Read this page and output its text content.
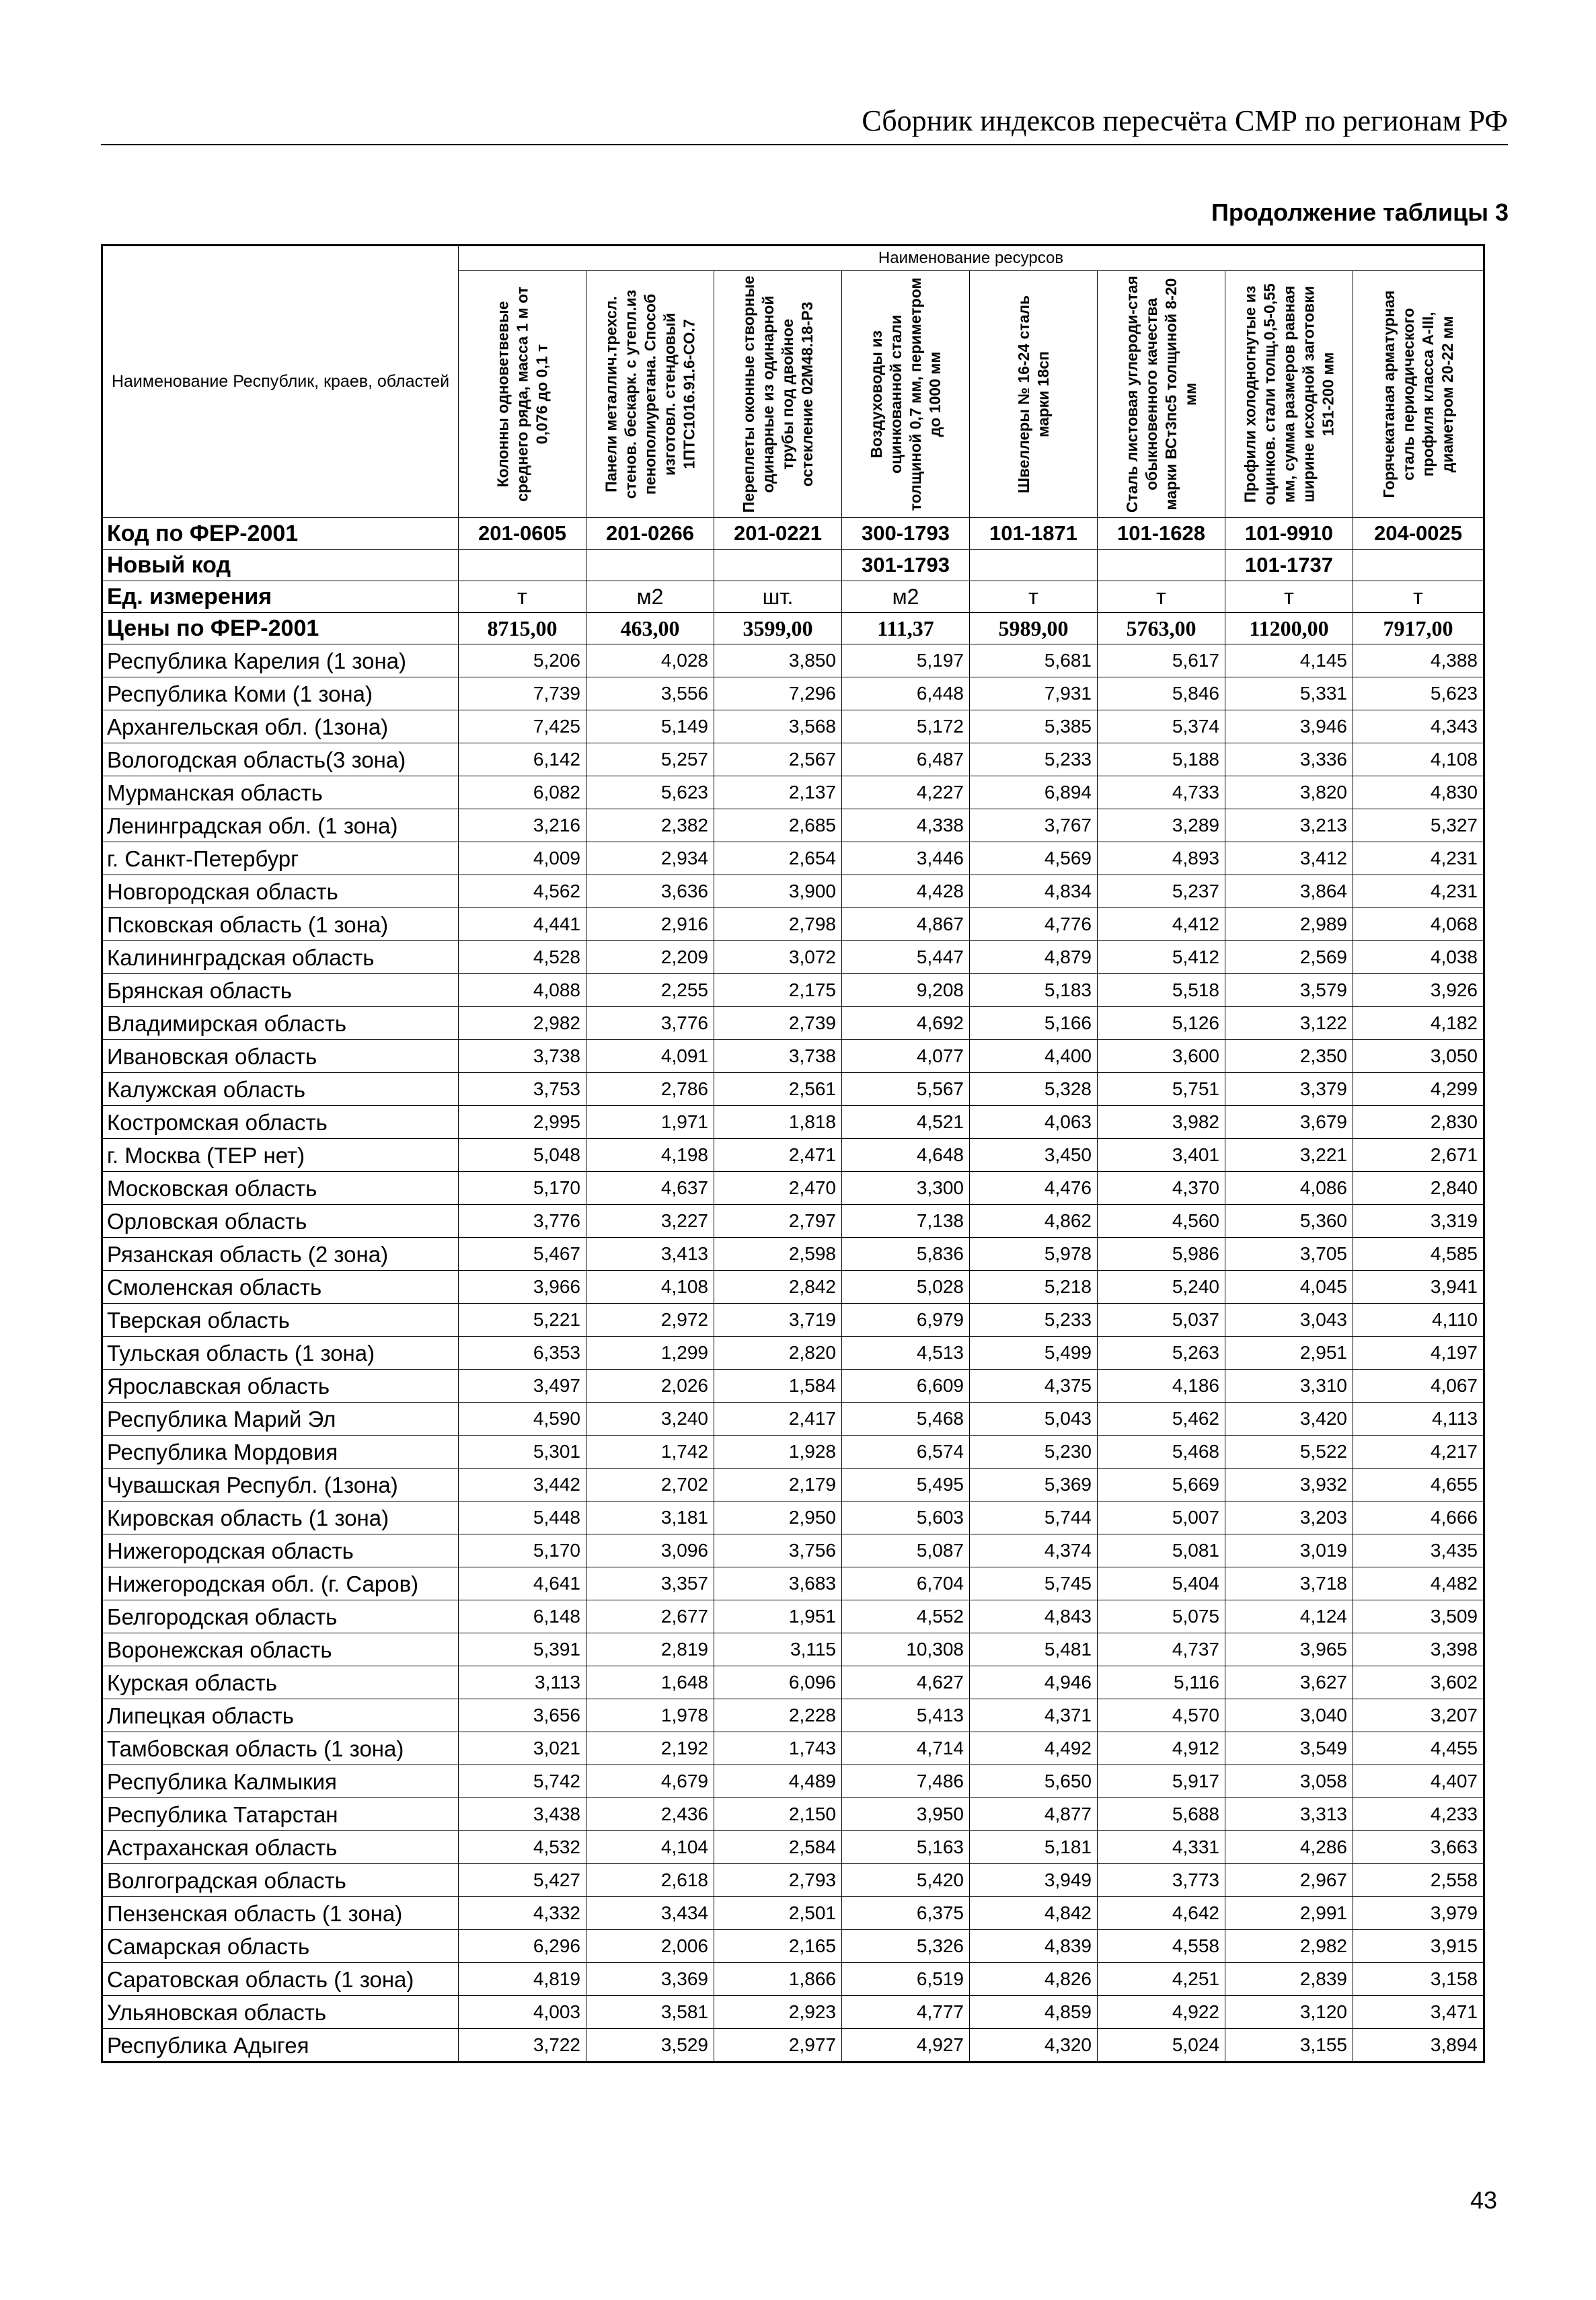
Сборник индексов пересчёта СМР по регионам РФ
Продолжение таблицы 3
Наименование Республик, краев, областей	Наименование ресурсов							

	Колонны одноветвевые среднего ряда, масса 1 м от 0,076 до 0,1 т	Панели металлич.трехсл. стенов. бескарк. с утепл.из пенополиуретана. Способ изготовл. стендовый 1ПТС1016.91.6-СО.7	Переплеты оконные створные одинарные из одинарной трубы под двойное остекление 02М48.18-Р3	Воздуховоды из оцинкованной стали толщиной 0,7 мм, периметром до 1000 мм	Швеллеры № 16-24 сталь марки 18сп	Сталь листовая углероди-стая обыкновенного качества марки ВСт3пс5 толщиной 8-20 мм	Профили холодногнутые из оцинков. стали толщ.0,5-0,55 мм, сумма размеров равная ширине исходной заготовки 151-200 мм	Горячекатаная арматурная сталь периодического профиля класса А-III, диаметром 20-22 мм

Код по ФЕР-2001	201-0605	201-0266	201-0221	300-1793	101-1871	101-1628	101-9910	204-0025
Новый код				301-1793			101-1737	
Ед. измерения	т	м2	шт.	м2	т	т	т	т
Цены по ФЕР-2001	8715,00	463,00	3599,00	111,37	5989,00	5763,00	11200,00	7917,00
Республика Карелия (1 зона)	5,206	4,028	3,850	5,197	5,681	5,617	4,145	4,388
Республика Коми (1 зона)	7,739	3,556	7,296	6,448	7,931	5,846	5,331	5,623
Архангельская обл. (1зона)	7,425	5,149	3,568	5,172	5,385	5,374	3,946	4,343
Вологодская область(3 зона)	6,142	5,257	2,567	6,487	5,233	5,188	3,336	4,108
Мурманская область	6,082	5,623	2,137	4,227	6,894	4,733	3,820	4,830
Ленинградская обл. (1 зона)	3,216	2,382	2,685	4,338	3,767	3,289	3,213	5,327
г. Санкт-Петербург	4,009	2,934	2,654	3,446	4,569	4,893	3,412	4,231
Новгородская область	4,562	3,636	3,900	4,428	4,834	5,237	3,864	4,231
Псковская область (1 зона)	4,441	2,916	2,798	4,867	4,776	4,412	2,989	4,068
Калининградская область	4,528	2,209	3,072	5,447	4,879	5,412	2,569	4,038
Брянская область	4,088	2,255	2,175	9,208	5,183	5,518	3,579	3,926
Владимирская область	2,982	3,776	2,739	4,692	5,166	5,126	3,122	4,182
Ивановская область	3,738	4,091	3,738	4,077	4,400	3,600	2,350	3,050
Калужская область	3,753	2,786	2,561	5,567	5,328	5,751	3,379	4,299
Костромская область	2,995	1,971	1,818	4,521	4,063	3,982	3,679	2,830
г. Москва (ТЕР нет)	5,048	4,198	2,471	4,648	3,450	3,401	3,221	2,671
Московская область	5,170	4,637	2,470	3,300	4,476	4,370	4,086	2,840
Орловская область	3,776	3,227	2,797	7,138	4,862	4,560	5,360	3,319
Рязанская область (2 зона)	5,467	3,413	2,598	5,836	5,978	5,986	3,705	4,585
Смоленская область	3,966	4,108	2,842	5,028	5,218	5,240	4,045	3,941
Тверская область	5,221	2,972	3,719	6,979	5,233	5,037	3,043	4,110
Тульская область (1 зона)	6,353	1,299	2,820	4,513	5,499	5,263	2,951	4,197
Ярославская область	3,497	2,026	1,584	6,609	4,375	4,186	3,310	4,067
Республика Марий Эл	4,590	3,240	2,417	5,468	5,043	5,462	3,420	4,113
Республика Мордовия	5,301	1,742	1,928	6,574	5,230	5,468	5,522	4,217
Чувашская Республ. (1зона)	3,442	2,702	2,179	5,495	5,369	5,669	3,932	4,655
Кировская область (1 зона)	5,448	3,181	2,950	5,603	5,744	5,007	3,203	4,666
Нижегородская область	5,170	3,096	3,756	5,087	4,374	5,081	3,019	3,435
Нижегородская обл. (г. Саров)	4,641	3,357	3,683	6,704	5,745	5,404	3,718	4,482
Белгородская область	6,148	2,677	1,951	4,552	4,843	5,075	4,124	3,509
Воронежская область	5,391	2,819	3,115	10,308	5,481	4,737	3,965	3,398
Курская область	3,113	1,648	6,096	4,627	4,946	5,116	3,627	3,602
Липецкая область	3,656	1,978	2,228	5,413	4,371	4,570	3,040	3,207
Тамбовская область (1 зона)	3,021	2,192	1,743	4,714	4,492	4,912	3,549	4,455
Республика Калмыкия	5,742	4,679	4,489	7,486	5,650	5,917	3,058	4,407
Республика Татарстан	3,438	2,436	2,150	3,950	4,877	5,688	3,313	4,233
Астраханская область	4,532	4,104	2,584	5,163	5,181	4,331	4,286	3,663
Волгоградская область	5,427	2,618	2,793	5,420	3,949	3,773	2,967	2,558
Пензенская область (1 зона)	4,332	3,434	2,501	6,375	4,842	4,642	2,991	3,979
Самарская область	6,296	2,006	2,165	5,326	4,839	4,558	2,982	3,915
Саратовская область (1 зона)	4,819	3,369	1,866	6,519	4,826	4,251	2,839	3,158
Ульяновская область	4,003	3,581	2,923	4,777	4,859	4,922	3,120	3,471
Республика Адыгея	3,722	3,529	2,977	4,927	4,320	5,024	3,155	3,894
43
